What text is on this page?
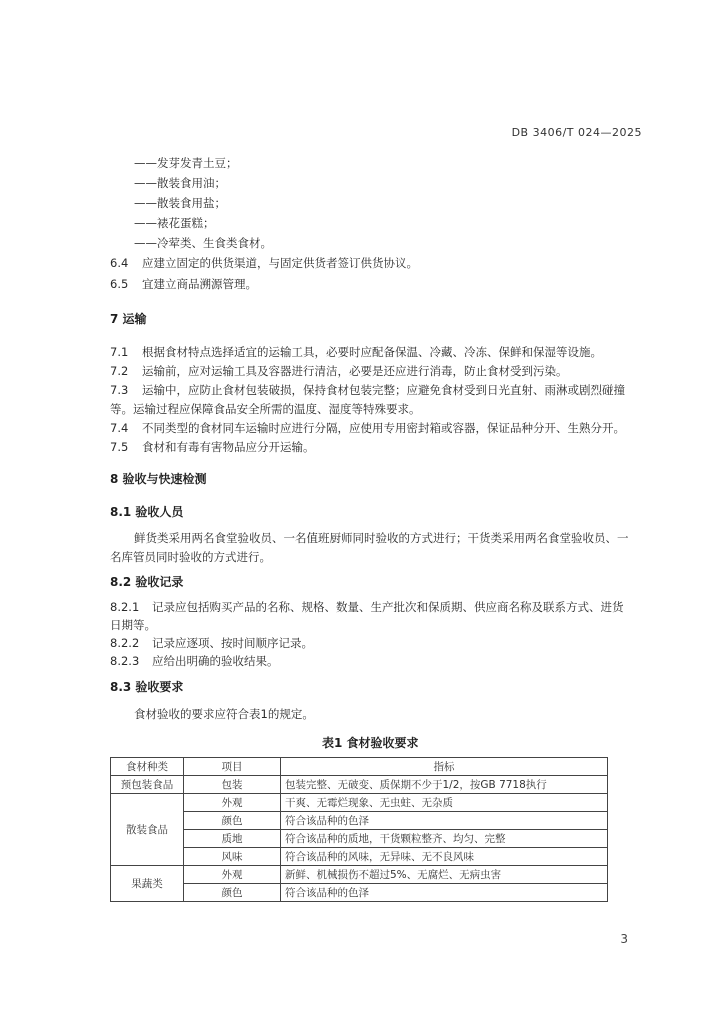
DB 3406/T 024—2025
——发芽发青土豆；
——散装食用油；
——散装食用盐；
——裱花蛋糕；
——冷荤类、生食类食材。
6.4 应建立固定的供货渠道，与固定供货者签订供货协议。
6.5 宜建立商品溯源管理。
7 运输
7.1 根据食材特点选择适宜的运输工具，必要时应配备保温、冷藏、冷冻、保鲜和保湿等设施。
7.2 运输前，应对运输工具及容器进行清洁，必要是还应进行消毒，防止食材受到污染。
7.3 运输中，应防止食材包装破损，保持食材包装完整；应避免食材受到日光直射、雨淋或剧烈碰撞
等。运输过程应保障食品安全所需的温度、湿度等特殊要求。
7.4 不同类型的食材同车运输时应进行分隔，应使用专用密封箱或容器，保证品种分开、生熟分开。
7.5 食材和有毒有害物品应分开运输。
8 验收与快速检测
8.1 验收人员
鲜货类采用两名食堂验收员、一名值班厨师同时验收的方式进行；干货类采用两名食堂验收员、一
名库管员同时验收的方式进行。
8.2 验收记录
8.2.1 记录应包括购买产品的名称、规格、数量、生产批次和保质期、供应商名称及联系方式、进货
日期等。
8.2.2 记录应逐项、按时间顺序记录。
8.2.3 应给出明确的验收结果。
8.3 验收要求
食材验收的要求应符合表1的规定。
表1 食材验收要求
食材种类	项目	指标
预包装食品	包装	包装完整、无破变、质保期不少于1/2，按GB 7718执行
散装食品	外观	干爽、无霉烂现象、无虫蛀、无杂质
	颜色	符合该品种的色泽
	质地	符合该品种的质地，干货颗粒整齐、均匀、完整
	风味	符合该品种的风味，无异味、无不良风味
果蔬类	外观	新鲜、机械损伤不超过5%、无腐烂、无病虫害
	颜色	符合该品种的色泽
3
